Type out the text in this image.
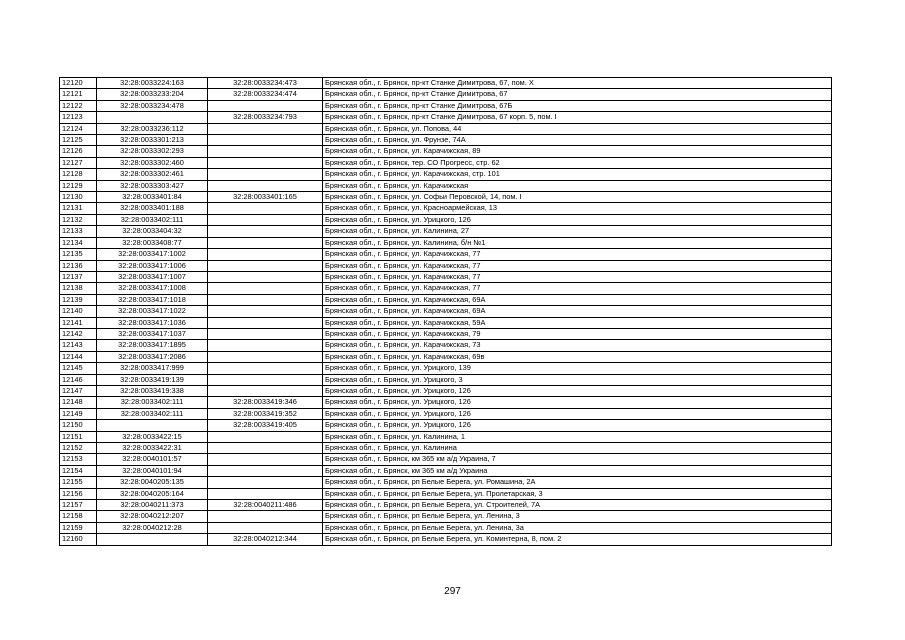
12120	32:28:0033224:163	32:28:0033234:473	Брянская обл., г. Брянск, пр-кт Станке Димитрова, 67, пом. X
12121	32:28:0033233:204	32:28:0033234:474	Брянская обл., г. Брянск, пр-кт Станке Димитрова, 67
12122	32:28:0033234:478		Брянская обл., г. Брянск, пр-кт Станке Димитрова, 67Б
12123		32:28:0033234:793	Брянская обл., г. Брянск, пр-кт Станке Димитрова, 67 корп. 5, пом. I
12124	32:28:0033236:112		Брянская обл., г. Брянск, ул. Попова, 44
12125	32:28:0033301:213		Брянская обл., г. Брянск, ул. Фрунзе, 74А
12126	32:28:0033302:293		Брянская обл., г. Брянск, ул. Карачижская, 89
12127	32:28:0033302:460		Брянская обл., г. Брянск, тер. СО Прогресс, стр. 62
12128	32:28:0033302:461		Брянская обл., г. Брянск, ул. Карачижская, стр. 101
12129	32:28:0033303:427		Брянская обл., г. Брянск, ул. Карачижская
12130	32:28:0033401:84	32:28:0033401:165	Брянская обл., г. Брянск, ул. Софьи Перовской, 14, пом. I
12131	32:28:0033401:188		Брянская обл., г. Брянск, ул. Красноармейская, 13
12132	32:28:0033402:111		Брянская обл., г. Брянск, ул. Урицкого, 126
12133	32:28:0033404:32		Брянская обл., г. Брянск, ул. Калинина, 27
12134	32:28:0033408:77		Брянская обл., г. Брянск, ул. Калинина, б/н №1
12135	32:28:0033417:1002		Брянская обл., г. Брянск, ул. Карачижская, 77
12136	32:28:0033417:1006		Брянская обл., г. Брянск, ул. Карачижская, 77
12137	32:28:0033417:1007		Брянская обл., г. Брянск, ул. Карачижская, 77
12138	32:28:0033417:1008		Брянская обл., г. Брянск, ул. Карачижская, 77
12139	32:28:0033417:1018		Брянская обл., г. Брянск, ул. Карачижская, 69А
12140	32:28:0033417:1022		Брянская обл., г. Брянск, ул. Карачижская, 69А
12141	32:28:0033417:1036		Брянская обл., г. Брянск, ул. Карачижская, 59А
12142	32:28:0033417:1037		Брянская обл., г. Брянск, ул. Карачижская, 79
12143	32:28:0033417:1895		Брянская обл., г. Брянск, ул. Карачижская, 73
12144	32:28:0033417:2086		Брянская обл., г. Брянск, ул. Карачижская, 69в
12145	32:28:0033417:999		Брянская обл., г. Брянск, ул. Урицкого, 139
12146	32:28:0033419:139		Брянская обл., г. Брянск, ул. Урицкого, 3
12147	32:28:0033419:338		Брянская обл., г. Брянск, ул. Урицкого, 126
12148	32:28:0033402:111	32:28:0033419:346	Брянская обл., г. Брянск, ул. Урицкого, 126
12149	32:28:0033402:111	32:28:0033419:352	Брянская обл., г. Брянск, ул. Урицкого, 126
12150		32:28:0033419:405	Брянская обл., г. Брянск, ул. Урицкого, 126
12151	32:28:0033422:15		Брянская обл., г. Брянск, ул. Калинина, 1
12152	32:28:0033422:31		Брянская обл., г. Брянск, ул. Калинина
12153	32:28:0040101:57		Брянская обл., г. Брянск, км 365 км а/д Украина, 7
12154	32:28:0040101:94		Брянская обл., г. Брянск, км 365 км а/д Украина
12155	32:28:0040205:135		Брянская обл., г. Брянск, рп Белые Берега, ул. Ромашина, 2А
12156	32:28:0040205:164		Брянская обл., г. Брянск, рп Белые Берега, ул. Пролетарская, 3
12157	32:28:0040211:373	32:28:0040211:486	Брянская обл., г. Брянск, рп Белые Берега, ул. Строителей, 7А
12158	32:28:0040212:207		Брянская обл., г. Брянск, рп Белые Берега, ул. Ленина, 3
12159	32:28:0040212:28		Брянская обл., г. Брянск, рп Белые Берега, ул. Ленина, 3а
12160		32:28:0040212:344	Брянская обл., г. Брянск, рп Белые Берега, ул. Коминтерна, 8, пом. 2
297
